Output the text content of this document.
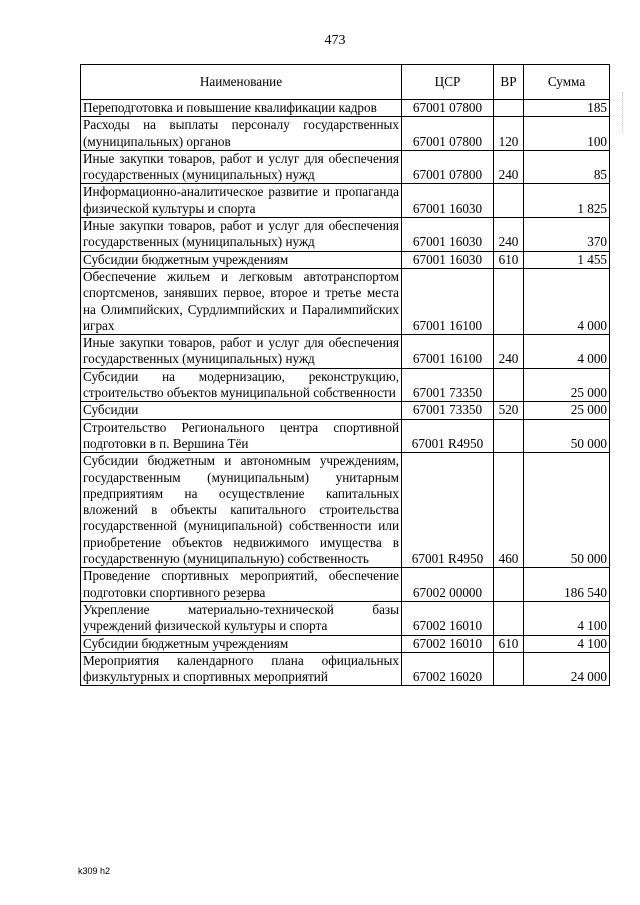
473
Наименование	ЦСР	ВР	Сумма
Переподготовка и повышение квалификации кадров	67001 07800		185
Расходы на выплаты персоналу государственных (муниципальных) органов	67001 07800	120	100
Иные закупки товаров, работ и услуг для обеспечения государственных (муниципальных) нужд	67001 07800	240	85
Информационно-аналитическое развитие и пропаганда физической культуры и спорта	67001 16030		1 825
Иные закупки товаров, работ и услуг для обеспечения государственных (муниципальных) нужд	67001 16030	240	370
Субсидии бюджетным учреждениям	67001 16030	610	1 455
Обеспечение жильем и легковым автотранспортом спортсменов, занявших первое, второе и третье места на Олимпийских, Сурдлимпийских и Паралимпийских играх	67001 16100		4 000
Иные закупки товаров, работ и услуг для обеспечения государственных (муниципальных) нужд	67001 16100	240	4 000
Субсидии на модернизацию, реконструкцию, строительство объектов муниципальной собственности	67001 73350		25 000
Субсидии	67001 73350	520	25 000
Строительство Регионального центра спортивной подготовки в п. Вершина Тёи	67001 R4950		50 000
Субсидии бюджетным и автономным учреждениям, государственным (муниципальным) унитарным предприятиям на осуществление капитальных вложений в объекты капитального строительства государственной (муниципальной) собственности или приобретение объектов недвижимого имущества в государственную (муниципальную) собственность	67001 R4950	460	50 000
Проведение спортивных мероприятий, обеспечение подготовки спортивного резерва	67002 00000		186 540
Укрепление материально-технической базы учреждений физической культуры и спорта	67002 16010		4 100
Субсидии бюджетным учреждениям	67002 16010	610	4 100
Мероприятия календарного плана официальных физкультурных и спортивных мероприятий	67002 16020		24 000
k309 h2
